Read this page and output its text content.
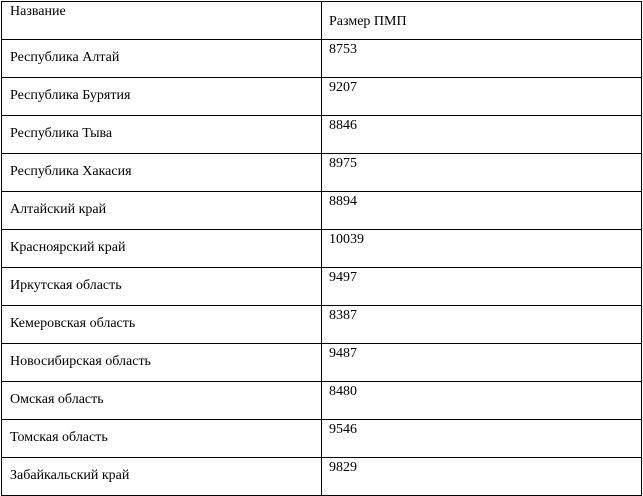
Название	Размер ПМП

Республика Алтай	8753

Республика Бурятия	9207

Республика Тыва	8846

Республика Хакасия	8975

Алтайский край	8894

Красноярский край	10039

Иркутская область	9497

Кемеровская область	8387

Новосибирская область	9487

Омская область	8480

Томская область	9546

Забайкальский край	9829
